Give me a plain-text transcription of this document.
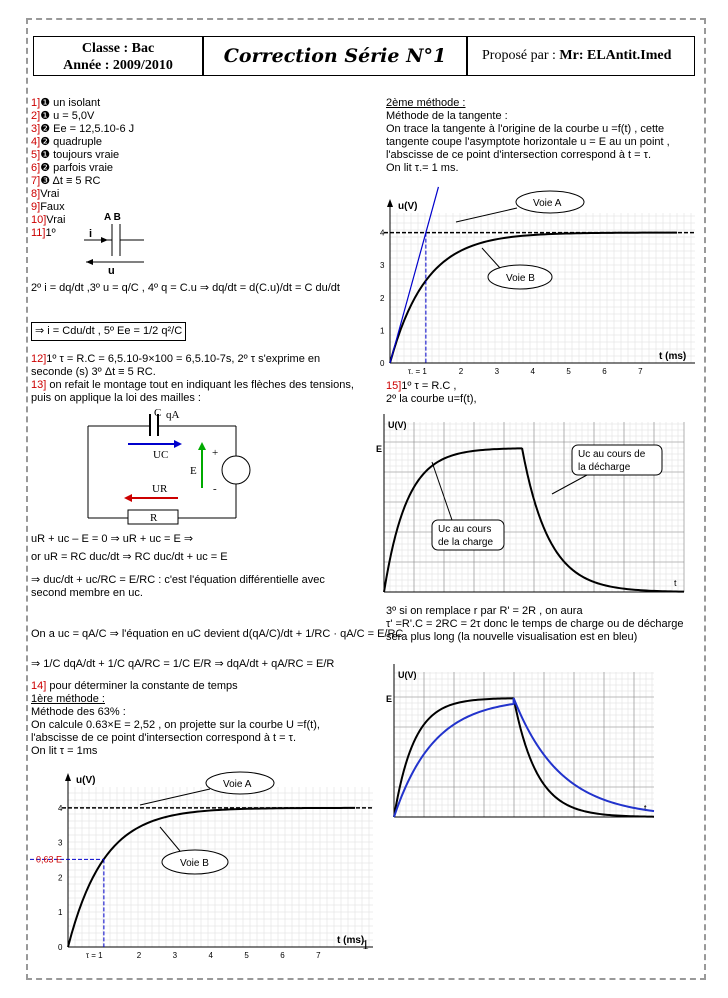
Classe : Bac
Année : 2009/2010	Correction Série N°1	Proposé par : Mr: ELAntit.Imed
1]❶ un isolant
2]❶ u = 5,0V
3]❷ Ee = 12,5.10-6 J
4]❷ quadruple
5]❶ toujours vraie
6]❷ parfois vraie
7]❸ Δt ≡ 5 RC
8]Vrai
9]Faux
10]Vrai
11]1º
A B
i
u
2º i = dq/dt ,3º u = q/C , 4º q = C.u ⇒ dq/dt = d(C.u)/dt = C du/dt
⇒ i = Cdu/dt , 5º Ee = 1/2 q²/C
12]1º τ = R.C = 6,5.10-9×100 = 6,5.10-7s, 2º τ s'exprime en seconde (s) 3º Δt ≡ 5 RC.
13] on refait le montage tout en indiquant les flèches des tensions, puis on applique la loi des mailles :
C qA
R
UC
E
+
-
UR
uR + uc – E = 0 ⇒ uR + uc = E ⇒
or uR = RC duc/dt ⇒ RC duc/dt + uc = E
⇒ duc/dt + uc/RC = E/RC : c'est l'équation différentielle avec second membre en uc.
On a uc = qA/C ⇒ l'équation en uC devient d(qA/C)/dt + 1/RC · qA/C = E/RC
⇒ 1/C dqA/dt + 1/C qA/RC = 1/C E/R ⇒ dqA/dt + qA/RC = E/R
14] pour déterminer la constante de temps
1ère méthode :
Méthode des 63% :
On calcule 0.63×E = 2,52 , on projette sur la courbe U =f(t),
l'abscisse de ce point d'intersection correspond à t = τ.
On lit τ = 1ms
2ème méthode :
Méthode de la tangente :
On trace la tangente à l'origine de la courbe u =f(t) , cette
tangente coupe l'asymptote horizontale u = E au un point ,
l'abscisse de ce point d'intersection correspond à t = τ.
On lit τ.= 1 ms.
u(V)
t (ms)
0
1
2
3
4
2	3	4	5	6	7
τ. = 1
Voie A
Voie B
15]1º τ = R.C ,
2º la courbe u=f(t),
U(V)
E
t
Uc au cours de
la décharge
Uc au cours
de la charge
3º si on remplace r par R' = 2R , on aura
τ' =R'.C = 2RC = 2τ donc le temps de charge ou de décharge
sera plus long (la nouvelle visualisation est en bleu)
U(V)
E
t
u(V)
t (ms)
0
1
2
3
4
2	3	4	5	6	7
τ = 1
0,63 E
Voie A
Voie B
1
